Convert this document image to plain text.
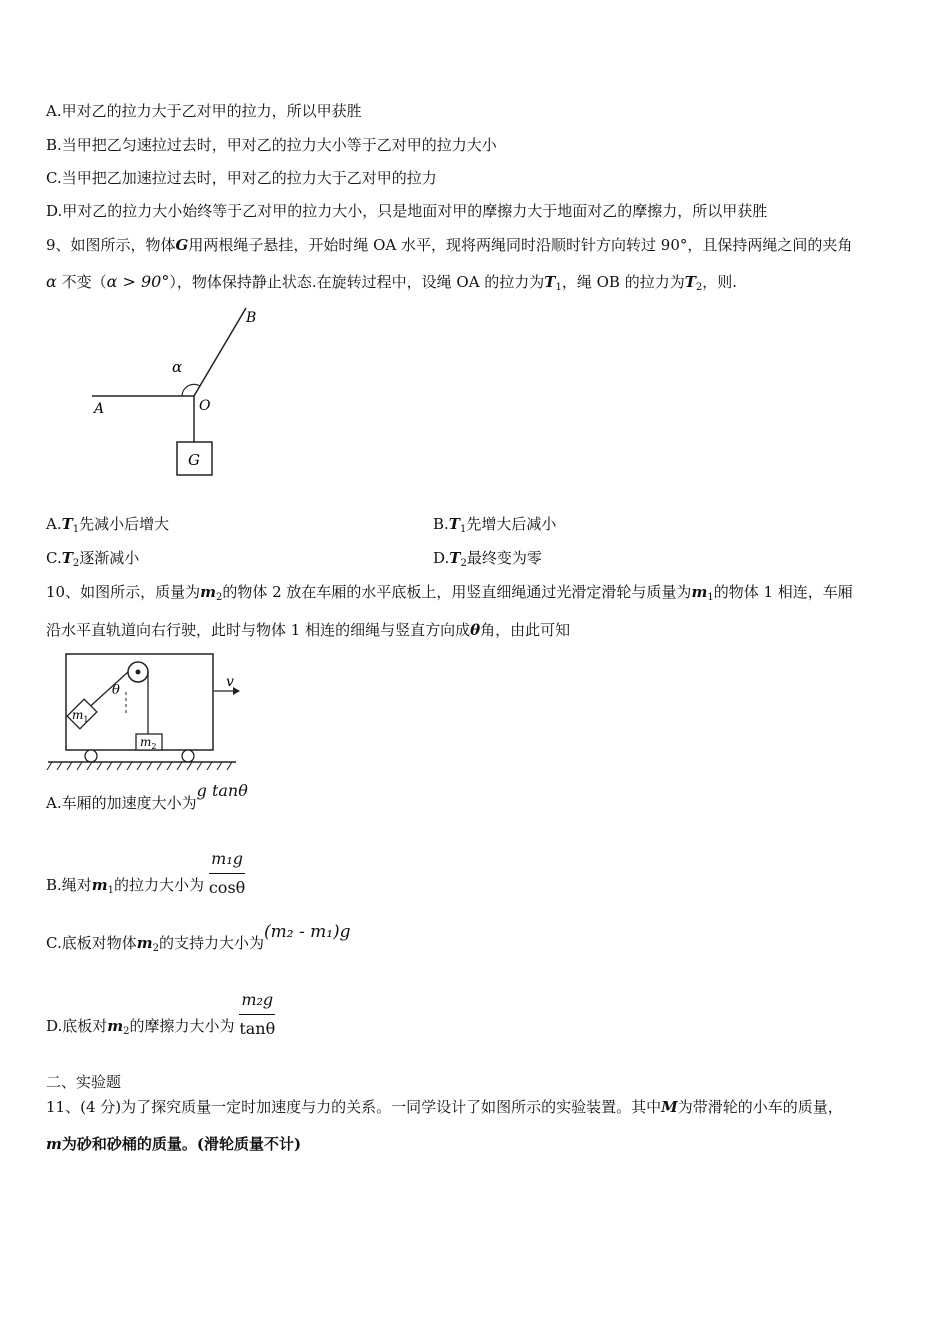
A.甲对乙的拉力大于乙对甲的拉力，所以甲获胜
B.当甲把乙匀速拉过去时，甲对乙的拉力大小等于乙对甲的拉力大小
C.当甲把乙加速拉过去时，甲对乙的拉力大于乙对甲的拉力
D.甲对乙的拉力大小始终等于乙对甲的拉力大小，只是地面对甲的摩擦力大于地面对乙的摩擦力，所以甲获胜
9、如图所示，物体G用两根绳子悬挂，开始时绳 OA 水平，现将两绳同时沿顺时针方向转过 90°，且保持两绳之间的夹角
α 不变（α > 90°），物体保持静止状态.在旋转过程中，设绳 OA 的拉力为$T_1$，绳 OB 的拉力为$T_2$，则.
A
B
O
α
G
$A.T_1$先减小后增大	$B.T_1$先增大后减小
$C.T_2$逐渐减小	$D.T_2$最终变为零
10、如图所示，质量为$m_2$的物体 2 放在车厢的水平底板上，用竖直细绳通过光滑定滑轮与质量为$m_1$的物体 1 相连，车厢
沿水平直轨道向右行驶，此时与物体 1 相连的细绳与竖直方向成θ角，由此可知
$m_1$
$m_2$
θ
v
A.车厢的加速度大小为g tanθ
B.绳对$m_1$的拉力大小为 $\frac{\text{m₁g}}{\cos\theta}$
C.底板对物体$m_2$的支持力大小为(m₂ - m₁)g
D.底板对$m_2$的摩擦力大小为 $\frac{\text{m₂g}}{\tan\theta}$
二、实验题
11、(4 分)为了探究质量一定时加速度与力的关系。一同学设计了如图所示的实验装置。其中M为带滑轮的小车的质量，
m为砂和砂桶的质量。(滑轮质量不计)
